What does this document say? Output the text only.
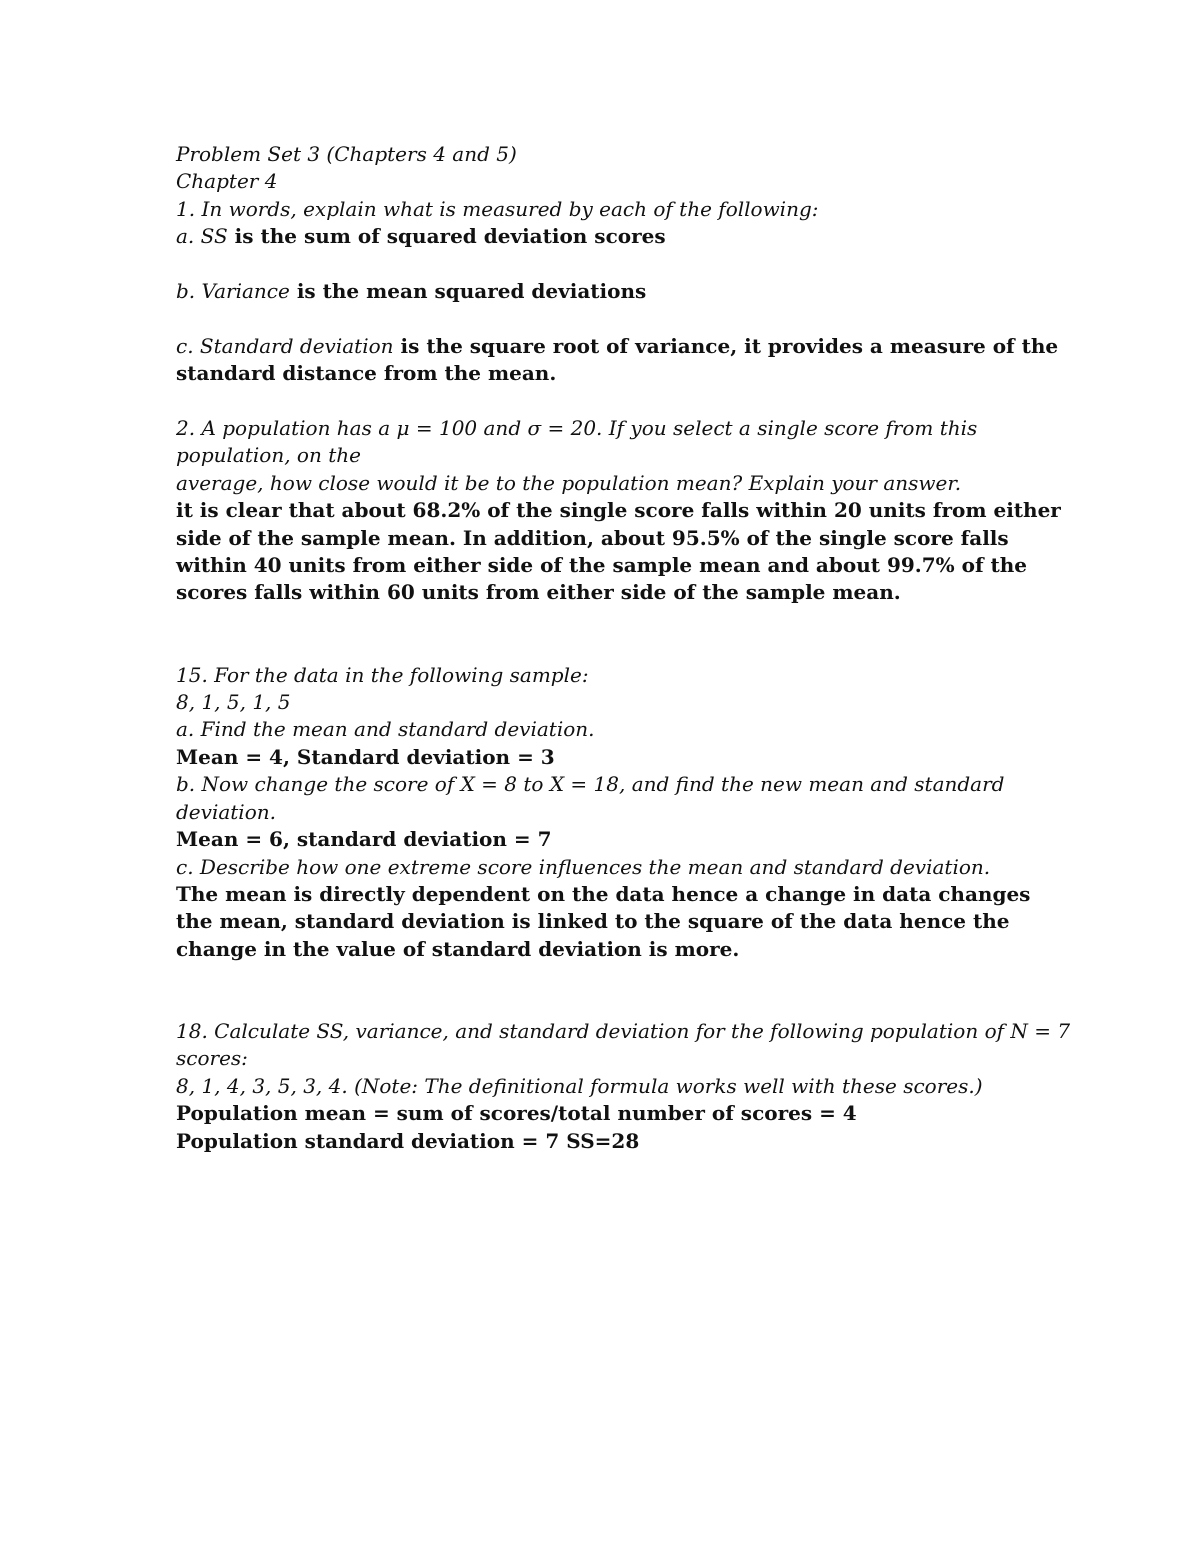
Problem Set 3 (Chapters 4 and 5)
Chapter 4
1. In words, explain what is measured by each of the following:
a. SS is the sum of squared deviation scores
b. Variance is the mean squared deviations
c. Standard deviation is the square root of variance, it provides a measure of the
standard distance from the mean.
2. A population has a μ = 100 and σ = 20. If you select a single score from this
population, on the
average, how close would it be to the population mean? Explain your answer.
it is clear that about 68.2% of the single score falls within 20 units from either
side of the sample mean. In addition, about 95.5% of the single score falls
within 40 units from either side of the sample mean and about 99.7% of the
scores falls within 60 units from either side of the sample mean.
15. For the data in the following sample:
8, 1, 5, 1, 5
a. Find the mean and standard deviation.
Mean = 4, Standard deviation = 3
b. Now change the score of X = 8 to X = 18, and find the new mean and standard
deviation.
Mean = 6, standard deviation = 7
c. Describe how one extreme score influences the mean and standard deviation.
The mean is directly dependent on the data hence a change in data changes
the mean, standard deviation is linked to the square of the data hence the
change in the value of standard deviation is more.
18. Calculate SS, variance, and standard deviation for the following population of N = 7
scores:
8, 1, 4, 3, 5, 3, 4. (Note: The definitional formula works well with these scores.)
Population mean = sum of scores/total number of scores = 4
Population standard deviation = 7 SS=28
